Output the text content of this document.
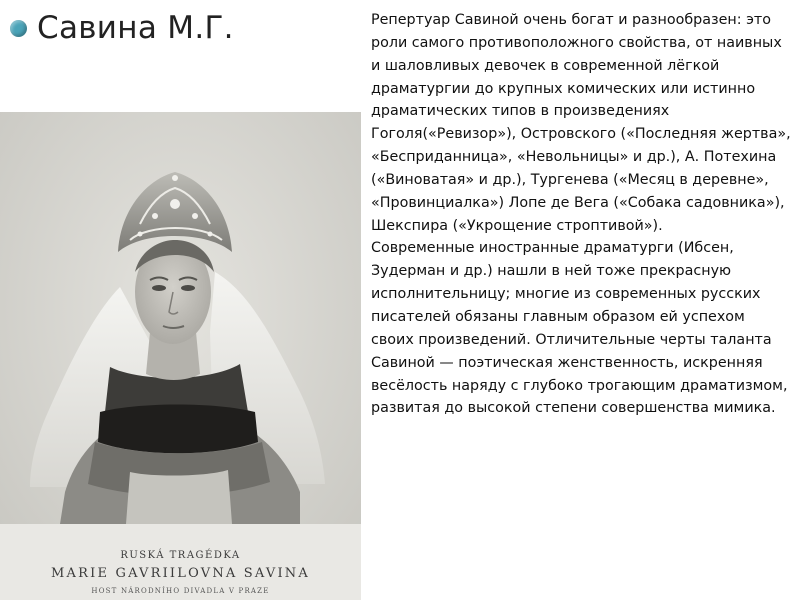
Савина М.Г.
RUSKÁ TRAGÉDKA
MARIE GAVRIILOVNA SAVINA
HOST NÁRODNÍHO DIVADLA V PRAZE

Репертуар Савиной очень богат и разнообразен: это роли самого противоположного свойства, от наивных и шаловливых девочек в современной лёгкой драматургии до крупных комических или истинно драматических типов в произведениях Гоголя(«Ревизор»), Островского («Последняя жертва», «Бесприданница», «Невольницы» и др.), А. Потехина («Виноватая» и др.), Тургенева («Месяц в деревне», «Провинциалка») Лопе де Вега («Собака садовника»), Шекспира («Укрощение строптивой»).

Современные иностранные драматурги (Ибсен, Зудерман и др.) нашли в ней тоже прекрасную исполнительницу; многие из современных русских писателей обязаны главным образом ей успехом своих произведений. Отличительные черты таланта Савиной — поэтическая женственность, искренняя весёлость наряду с глубоко трогающим драматизмом, развитая до высокой степени совершенства мимика.
